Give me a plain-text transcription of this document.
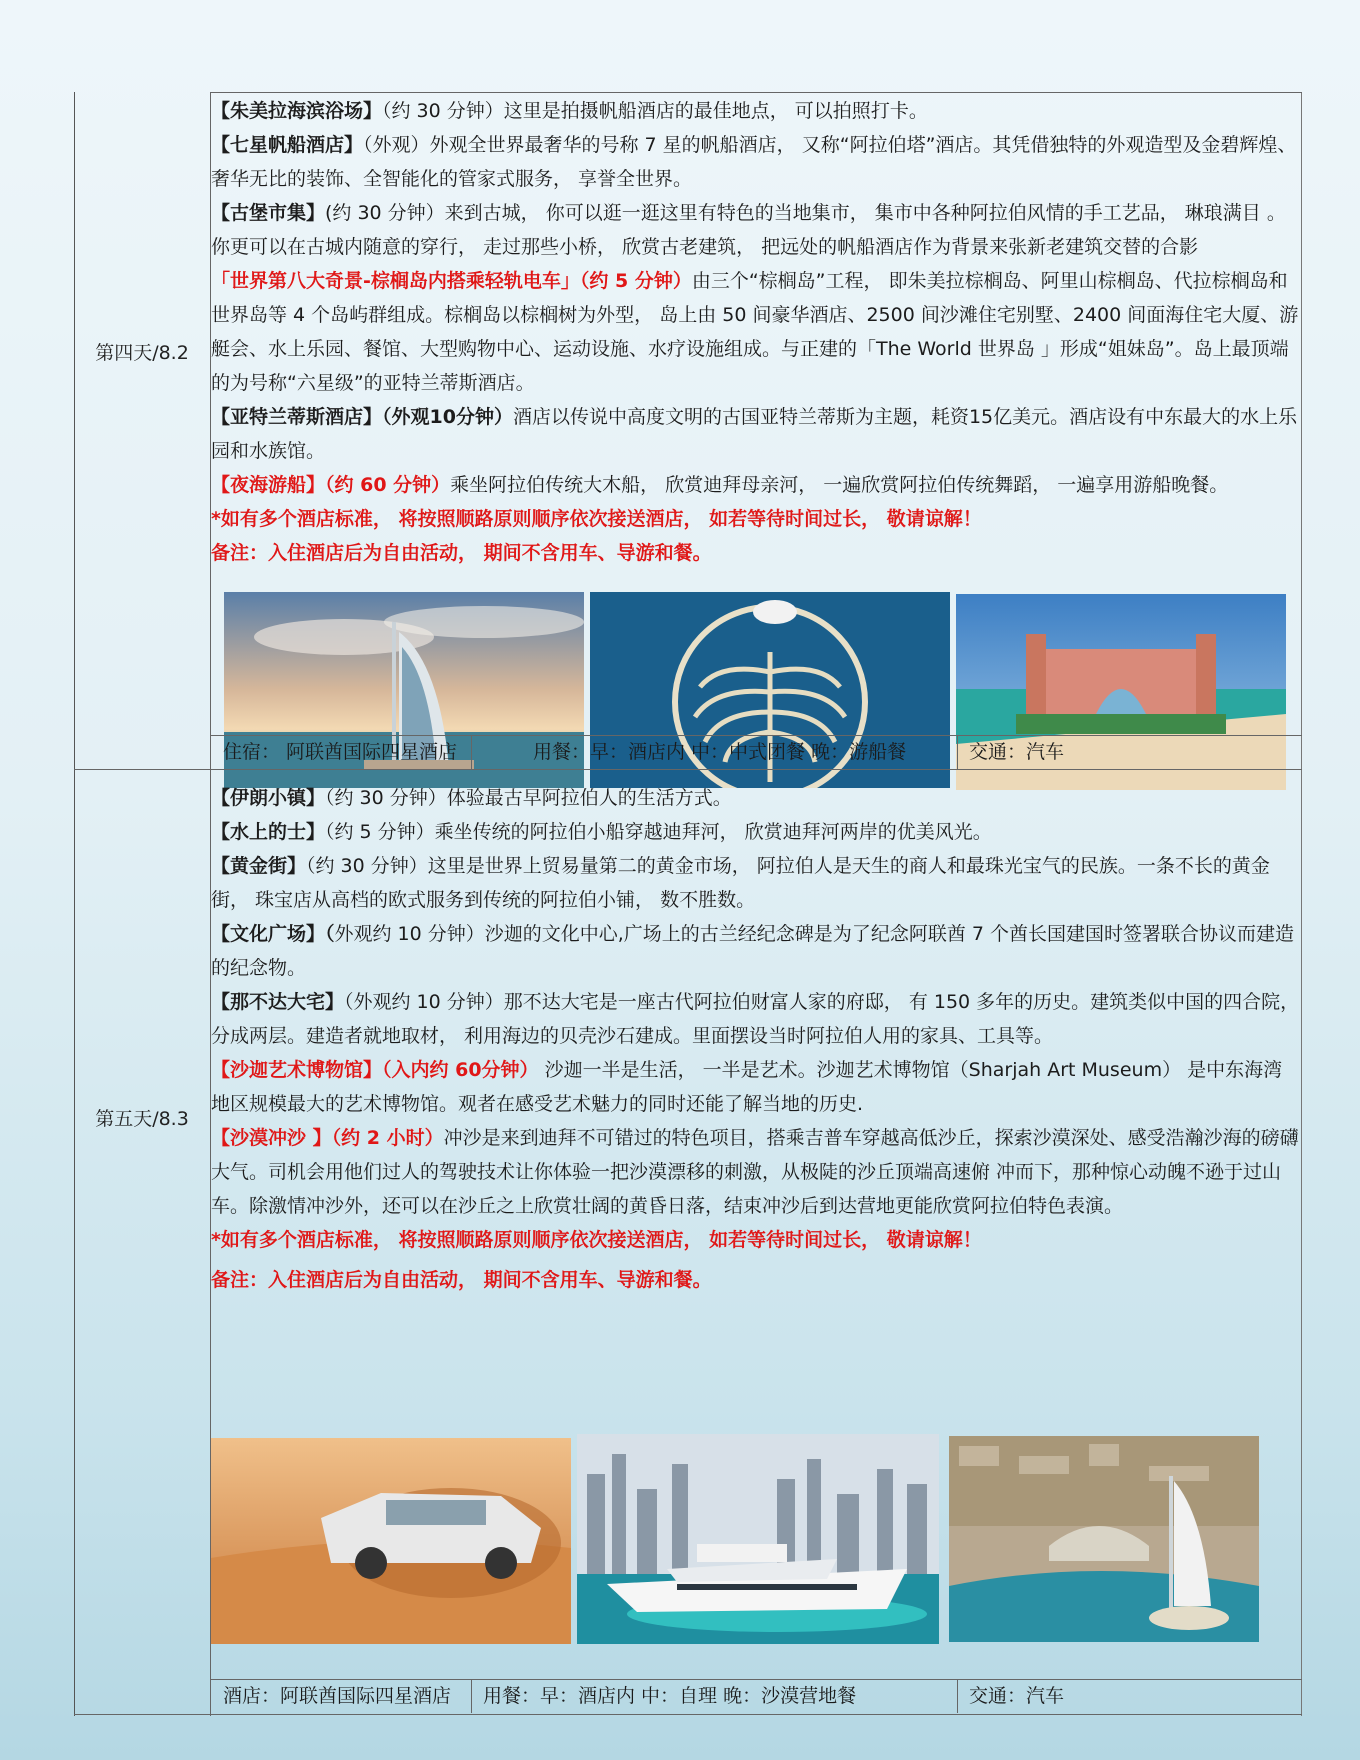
第四天/8.2

【朱美拉海滨浴场】（约 30 分钟）这里是拍摄帆船酒店的最佳地点， 可以拍照打卡。

【七星帆船酒店】（外观）外观全世界最奢华的号称 7 星的帆船酒店， 又称“阿拉伯塔”酒店。其凭借独特的外观造型及金碧辉煌、奢华无比的装饰、全智能化的管家式服务， 享誉全世界。

【古堡市集】(约 30 分钟）来到古城， 你可以逛一逛这里有特色的当地集市， 集市中各种阿拉伯风情的手工艺品， 琳琅满目 。你更可以在古城内随意的穿行， 走过那些小桥， 欣赏古老建筑， 把远处的帆船酒店作为背景来张新老建筑交替的合影

「世界第八大奇景-棕榈岛内搭乘轻轨电车」（约 5 分钟）由三个“棕榈岛”工程， 即朱美拉棕榈岛、阿里山棕榈岛、代拉棕榈岛和世界岛等 4 个岛屿群组成。棕榈岛以棕榈树为外型， 岛上由 50 间豪华酒店、2500 间沙滩住宅别墅、2400 间面海住宅大厦、游艇会、水上乐园、餐馆、大型购物中心、运动设施、水疗设施组成。与正建的「The World 世界岛 」形成“姐妹岛”。岛上最顶端的为号称“六星级”的亚特兰蒂斯酒店。

【亚特兰蒂斯酒店】（外观10分钟）酒店以传说中高度文明的古国亚特兰蒂斯为主题，耗资15亿美元。酒店设有中东最大的水上乐园和水族馆。

【夜海游船】（约 60 分钟）乘坐阿拉伯传统大木船， 欣赏迪拜母亲河， 一遍欣赏阿拉伯传统舞蹈， 一遍享用游船晚餐。

*如有多个酒店标准， 将按照顺路原则顺序依次接送酒店， 如若等待时间过长， 敬请谅解！

备注：入住酒店后为自由活动， 期间不含用车、导游和餐。

住宿： 阿联酋国际四星酒店	用餐：早：酒店内 中：中式团餐 晚：游船餐	交通：汽车
第五天/8.3

【伊朗小镇】（约 30 分钟）体验最古早阿拉伯人的生活方式。

【水上的士】（约 5 分钟）乘坐传统的阿拉伯小船穿越迪拜河， 欣赏迪拜河两岸的优美风光。

【黄金街】（约 30 分钟）这里是世界上贸易量第二的黄金市场， 阿拉伯人是天生的商人和最珠光宝气的民族。一条不长的黄金街， 珠宝店从高档的欧式服务到传统的阿拉伯小铺， 数不胜数。

【文化广场】（外观约 10 分钟）沙迦的文化中心,广场上的古兰经纪念碑是为了纪念阿联酋 7 个酋长国建国时签署联合协议而建造的纪念物。

【那不达大宅】（外观约 10 分钟）那不达大宅是一座古代阿拉伯财富人家的府邸， 有 150 多年的历史。建筑类似中国的四合院， 分成两层。建造者就地取材， 利用海边的贝壳沙石建成。里面摆设当时阿拉伯人用的家具、工具等。

【沙迦艺术博物馆】（入内约 60分钟） 沙迦一半是生活， 一半是艺术。沙迦艺术博物馆（Sharjah Art Museum） 是中东海湾地区规模最大的艺术博物馆。观者在感受艺术魅力的同时还能了解当地的历史.

【沙漠冲沙 】（约 2 小时）冲沙是来到迪拜不可错过的特色项目，搭乘吉普车穿越高低沙丘，探索沙漠深处、感受浩瀚沙海的磅礴大气。司机会用他们过人的驾驶技术让你体验一把沙漠漂移的刺激，从极陡的沙丘顶端高速俯 冲而下，那种惊心动魄不逊于过山车。除激情冲沙外，还可以在沙丘之上欣赏壮阔的黄昏日落，结束冲沙后到达营地更能欣赏阿拉伯特色表演。

*如有多个酒店标准， 将按照顺路原则顺序依次接送酒店， 如若等待时间过长， 敬请谅解！

备注：入住酒店后为自由活动， 期间不含用车、导游和餐。

酒店：阿联酋国际四星酒店	用餐：早：酒店内 中：自理 晚：沙漠营地餐	交通：汽车
